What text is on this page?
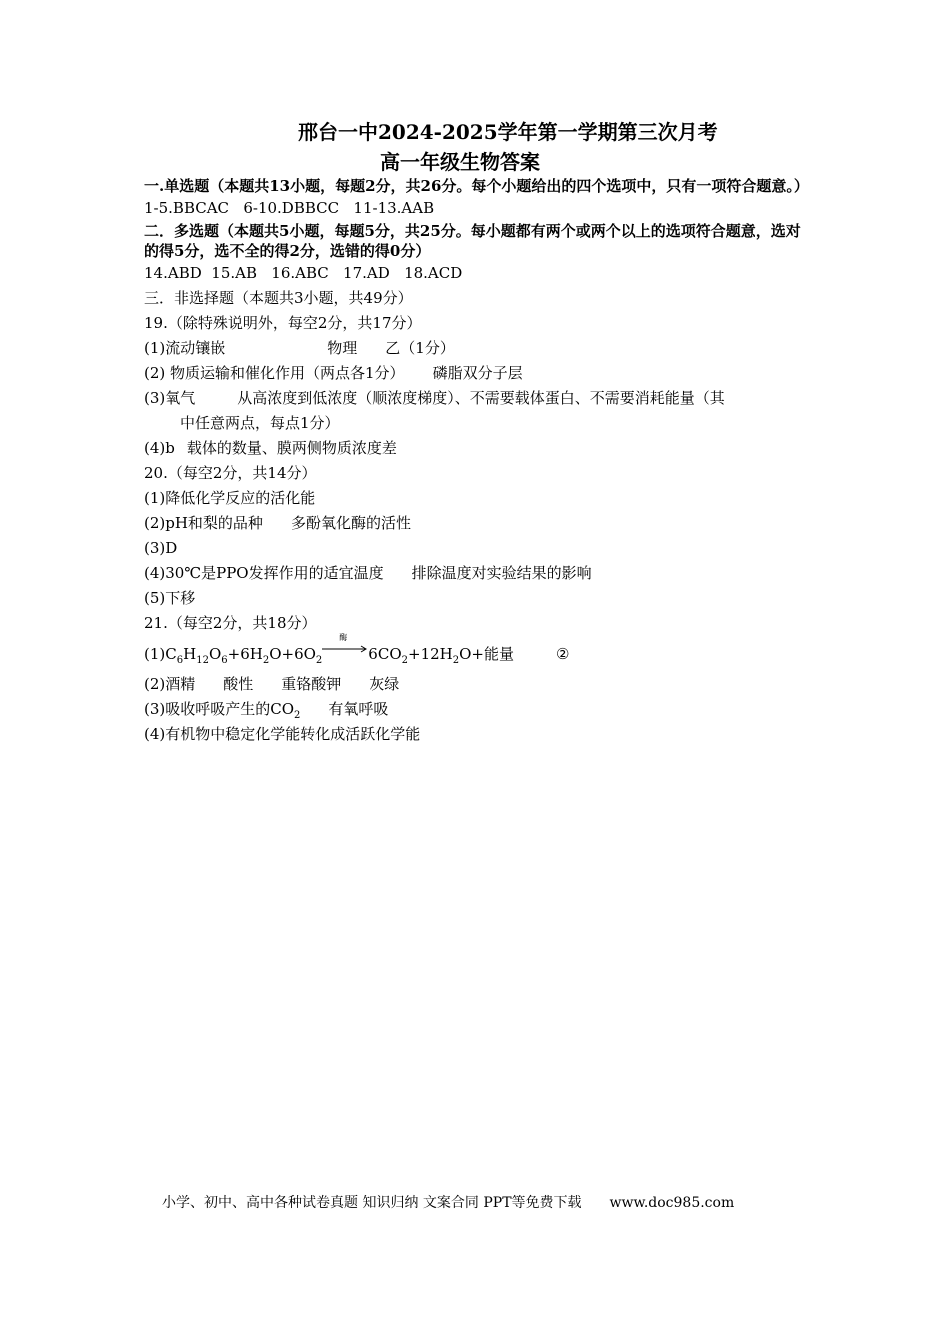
邢台一中2024-2025学年第一学期第三次月考
高一年级生物答案
一.单选题（本题共13小题，每题2分，共26分。每个小题给出的四个选项中，只有一项符合题意。）
1-5.BBCAC   6-10.DBBCC   11-13.AAB
二．多选题（本题共5小题，每题5分，共25分。每小题都有两个或两个以上的选项符合题意，选对的得5分，选不全的得2分，选错的得0分）
14.ABD  15.AB   16.ABC   17.AD   18.ACD
三．非选择题（本题共3小题，共49分）
19.（除特殊说明外，每空2分，共17分）
(1)流动镶嵌	物理 乙（1分）
(2) 物质运输和催化作用（两点各1分） 磷脂双分子层
(3)氧气	从高浓度到低浓度（顺浓度梯度）、不需要载体蛋白、不需要消耗能量（其
中任意两点，每点1分）
(4)b 载体的数量、膜两侧物质浓度差
20.（每空2分，共14分）
(1)降低化学反应的活化能
(2)pH和梨的品种 多酚氧化酶的活性
(3)D
(4)30℃是PPO发挥作用的适宜温度 排除温度对实验结果的影响
(5)下移
21.（每空2分，共18分）
$(1)C_6H_{12}O_6+6H_2O+6O_2$
酶
$6CO_2+12H_2O+$能量	②
(2)酒精 酸性 重铬酸钾 灰绿
(3)吸收呼吸产生的$CO_2$ 有氧呼吸
(4)有机物中稳定化学能转化成活跃化学能
小学、初中、高中各种试卷真题 知识归纳 文案合同 PPT等免费下载 www.doc985.com
